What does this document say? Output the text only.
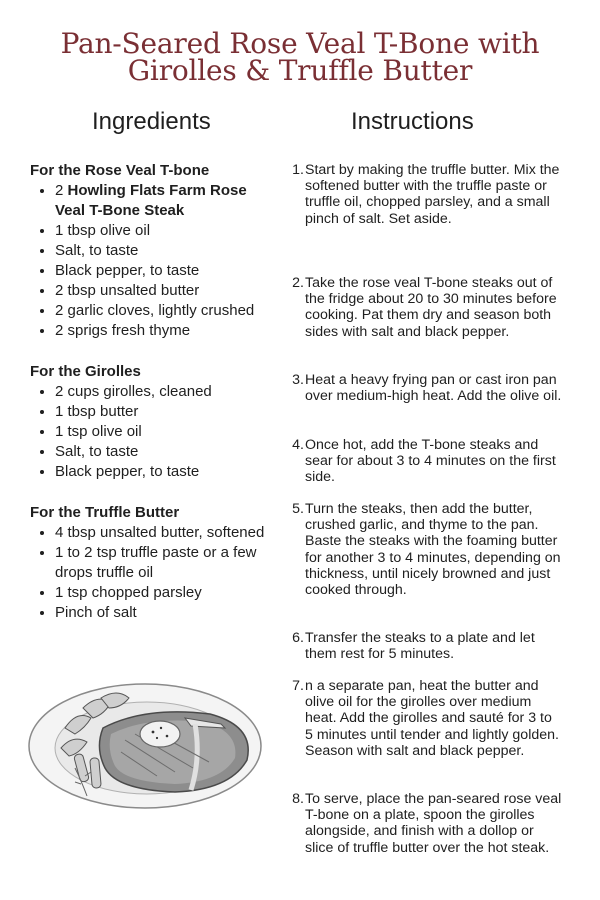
Pan-Seared Rose Veal T-Bone with
Girolles & Truffle Butter
Ingredients	Instructions

For the Rose Veal T-bone

• 2 Howling Flats Farm Rose Veal T-Bone Steak
• 1 tbsp olive oil
• Salt, to taste
• Black pepper, to taste
• 2 tbsp unsalted butter
• 2 garlic cloves, lightly crushed
• 2 sprigs fresh thyme

For the Girolles

• 2 cups girolles, cleaned
• 1 tbsp butter
• 1 tsp olive oil
• Salt, to taste
• Black pepper, to taste

For the Truffle Butter

• 4 tbsp unsalted butter, softened
• 1 to 2 tsp truffle paste or a few drops truffle oil
• 1 tsp chopped parsley
• Pinch of salt
1. Start by making the truffle butter. Mix the softened butter with the truffle paste or truffle oil, chopped parsley, and a small pinch of salt. Set aside.
2. Take the rose veal T-bone steaks out of the fridge about 20 to 30 minutes before cooking. Pat them dry and season both sides with salt and black pepper.
3. Heat a heavy frying pan or cast iron pan over medium-high heat. Add the olive oil.
4. Once hot, add the T-bone steaks and sear for about 3 to 4 minutes on the first side.
5. Turn the steaks, then add the butter, crushed garlic, and thyme to the pan. Baste the steaks with the foaming butter for another 3 to 4 minutes, depending on thickness, until nicely browned and just cooked through.
6. Transfer the steaks to a plate and let them rest for 5 minutes.
7. n a separate pan, heat the butter and olive oil for the girolles over medium heat. Add the girolles and sauté for 3 to 5 minutes until tender and lightly golden. Season with salt and black pepper.
8. To serve, place the pan-seared rose veal T-bone on a plate, spoon the girolles alongside, and finish with a dollop or slice of truffle butter over the hot steak.
